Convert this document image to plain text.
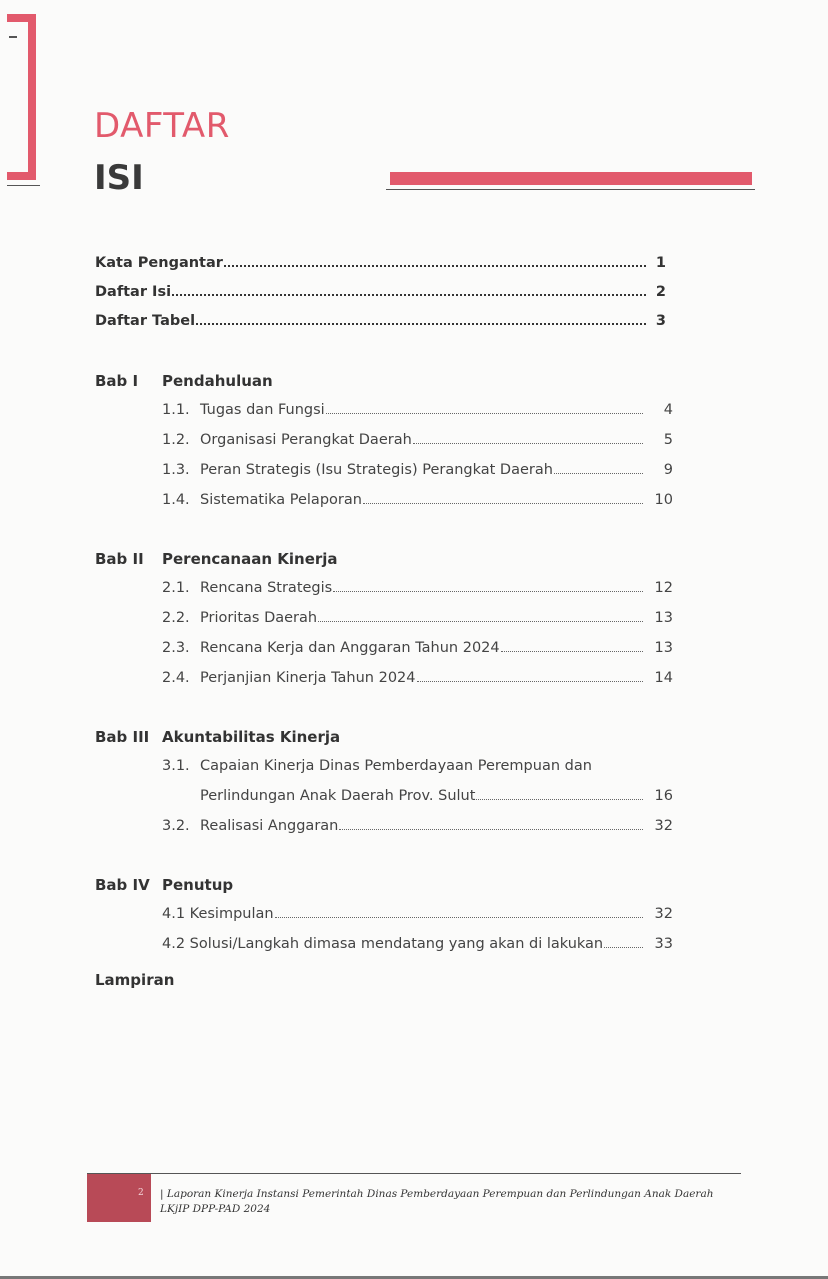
DAFTAR
ISI
Kata Pengantar	1
Daftar Isi	2
Daftar Tabel	3
Bab I Pendahuluan
1.1. Tugas dan Fungsi	4
1.2. Organisasi Perangkat Daerah	5
1.3. Peran Strategis (Isu Strategis) Perangkat Daerah	9
1.4. Sistematika Pelaporan	10
Bab II Perencanaan Kinerja
2.1. Rencana Strategis	12
2.2. Prioritas Daerah	13
2.3. Rencana Kerja dan Anggaran Tahun 2024	13
2.4. Perjanjian Kinerja Tahun 2024	14
Bab III Akuntabilitas Kinerja
3.1. Capaian Kinerja Dinas Pemberdayaan Perempuan dan
Perlindungan Anak Daerah Prov. Sulut	16
3.2. Realisasi Anggaran	32
Bab IV Penutup
4.1 Kesimpulan	32
4.2 Solusi/Langkah dimasa mendatang yang akan di lakukan	33
Lampiran
2 | Laporan Kinerja Instansi Pemerintah Dinas Pemberdayaan Perempuan dan Perlindungan Anak Daerah
LKjIP DPP-PAD 2024
